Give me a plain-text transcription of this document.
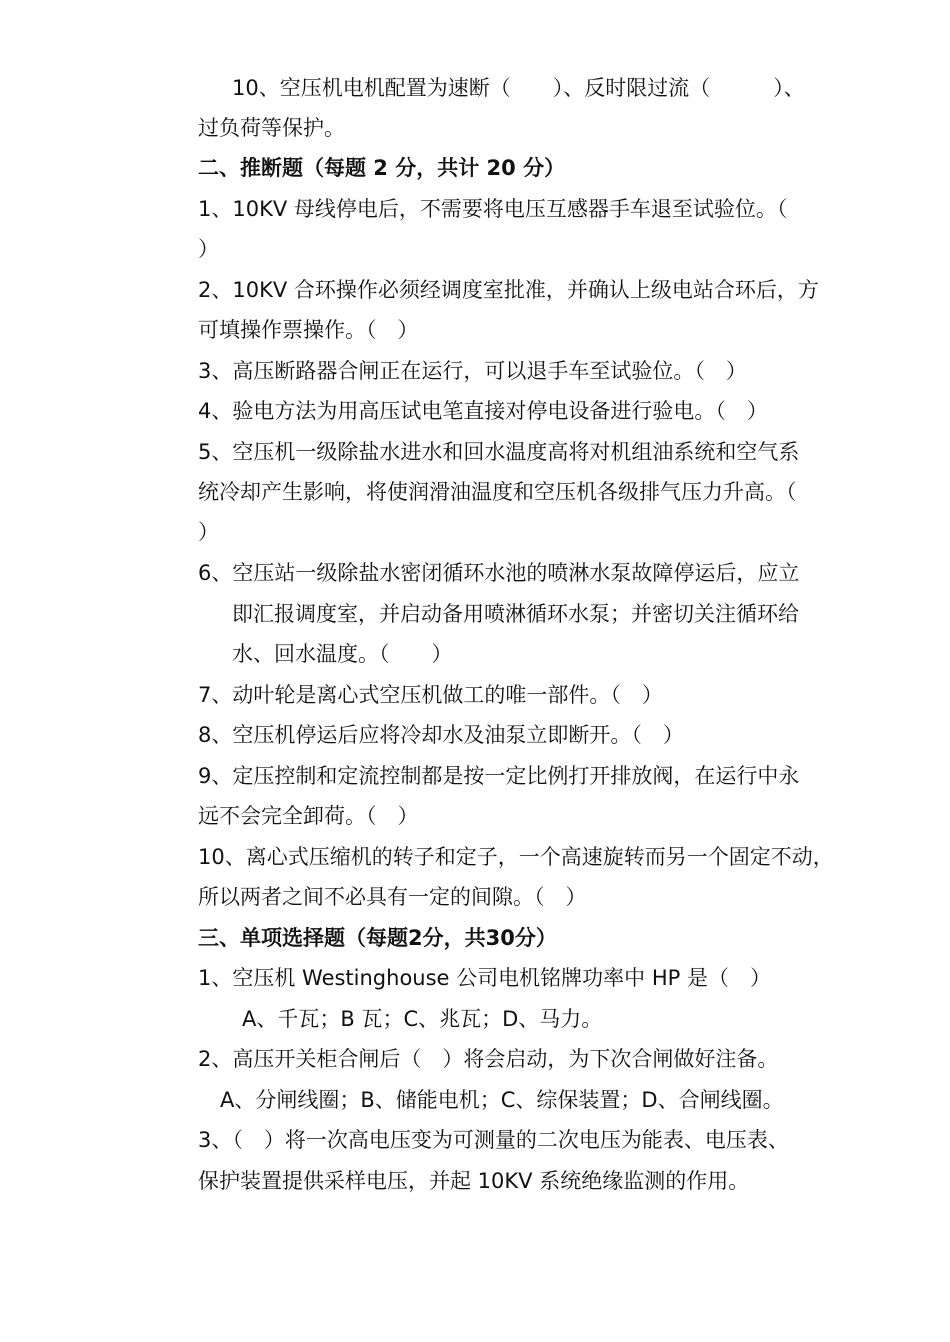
10、空压机电机配置为速断（　　）、反时限过流（　　　）、
过负荷等保护。
二、推断题（每题 2 分，共计 20 分）
1、10KV 母线停电后，不需要将电压互感器手车退至试验位。（
）
2、10KV 合环操作必须经调度室批准，并确认上级电站合环后，方
可填操作票操作。（　）
3、高压断路器合闸正在运行，可以退手车至试验位。（　）
4、验电方法为用高压试电笔直接对停电设备进行验电。（　）
5、空压机一级除盐水进水和回水温度高将对机组油系统和空气系
统冷却产生影响，将使润滑油温度和空压机各级排气压力升高。（
）
6、空压站一级除盐水密闭循环水池的喷淋水泵故障停运后，应立
即汇报调度室，并启动备用喷淋循环水泵；并密切关注循环给
水、回水温度。（　　）
7、动叶轮是离心式空压机做工的唯一部件。（　）
8、空压机停运后应将冷却水及油泵立即断开。（　）
9、定压控制和定流控制都是按一定比例打开排放阀，在运行中永
远不会完全卸荷。（　）
10、离心式压缩机的转子和定子，一个高速旋转而另一个固定不动，
所以两者之间不必具有一定的间隙。（　）
三、单项选择题（每题2分，共30分）
1、空压机 Westinghouse 公司电机铭牌功率中 HP 是（　）
A、千瓦；B 瓦；C、兆瓦；D、马力。
2、高压开关柜合闸后（　）将会启动，为下次合闸做好注备。
A、分闸线圈；B、储能电机；C、综保装置；D、合闸线圈。
3、（　）将一次高电压变为可测量的二次电压为能表、电压表、
保护装置提供采样电压，并起 10KV 系统绝缘监测的作用。
